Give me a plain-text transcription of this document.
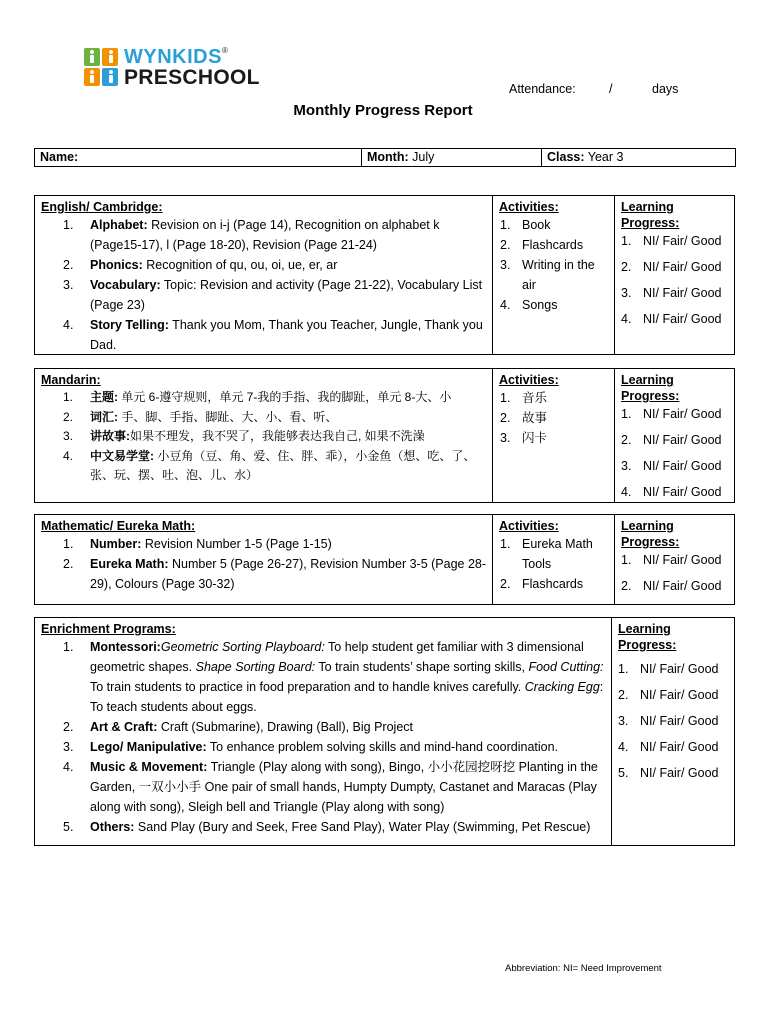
WYNKIDS®
PRESCHOOL	Attendance:	/	days
Monthly Progress Report
Name:	Month: July	Class: Year 3
English/ Cambridge:
1. Alphabet: Revision on i-j (Page 14), Recognition on alphabet k (Page15-17), l (Page 18-20), Revision (Page 21-24)
2. Phonics: Recognition of qu, ou, oi, ue, er, ar
3. Vocabulary: Topic: Revision and activity (Page 21-22), Vocabulary List (Page 23)
4. Story Telling: Thank you Mom, Thank you Teacher, Jungle, Thank you Dad.
Activities:
1. Book
2. Flashcards
3. Writing in the air
4. Songs
Learning Progress:
1. NI/ Fair/ Good
2. NI/ Fair/ Good
3. NI/ Fair/ Good
4. NI/ Fair/ Good
Mandarin:
1. 主题: 单元 6-遵守规则，单元 7-我的手指、我的脚趾，单元 8-大、小
2. 词汇: 手、脚、手指、脚趾、大、小、看、听、
3. 讲故事:如果不理发，我不哭了，我能够表达我自己, 如果不洗澡
4. 中文易学堂: 小豆角（豆、角、爱、住、胖、乖），小金鱼（想、吃、了、张、玩、摆、吐、泡、儿、水）
Activities:
1. 音乐
2. 故事
3. 闪卡
Learning Progress:
1. NI/ Fair/ Good
2. NI/ Fair/ Good
3. NI/ Fair/ Good
4. NI/ Fair/ Good
Mathematic/ Eureka Math:
1. Number: Revision Number 1-5 (Page 1-15)
2. Eureka Math: Number 5 (Page 26-27), Revision Number 3-5 (Page 28-29), Colours (Page 30-32)
Activities:
1. Eureka Math Tools
2. Flashcards
Learning Progress:
1. NI/ Fair/ Good
2. NI/ Fair/ Good
Enrichment Programs:
1. Montessori:Geometric Sorting Playboard: To help student get familiar with 3 dimensional geometric shapes. Shape Sorting Board: To train students’ shape sorting skills, Food Cutting: To train students to practice in food preparation and to handle knives carefully. Cracking Egg: To teach students about eggs.
2. Art & Craft: Craft (Submarine), Drawing (Ball), Big Project
3. Lego/ Manipulative: To enhance problem solving skills and mind-hand coordination.
4. Music & Movement: Triangle (Play along with song), Bingo, 小小花园挖呀挖 Planting in the Garden, 一双小小手 One pair of small hands, Humpty Dumpty, Castanet and Maracas (Play along with song), Sleigh bell and Triangle (Play along with song)
5. Others: Sand Play (Bury and Seek, Free Sand Play), Water Play (Swimming, Pet Rescue)
Learning Progress:
1. NI/ Fair/ Good
2. NI/ Fair/ Good
3. NI/ Fair/ Good
4. NI/ Fair/ Good
5. NI/ Fair/ Good
Abbreviation: NI= Need Improvement
